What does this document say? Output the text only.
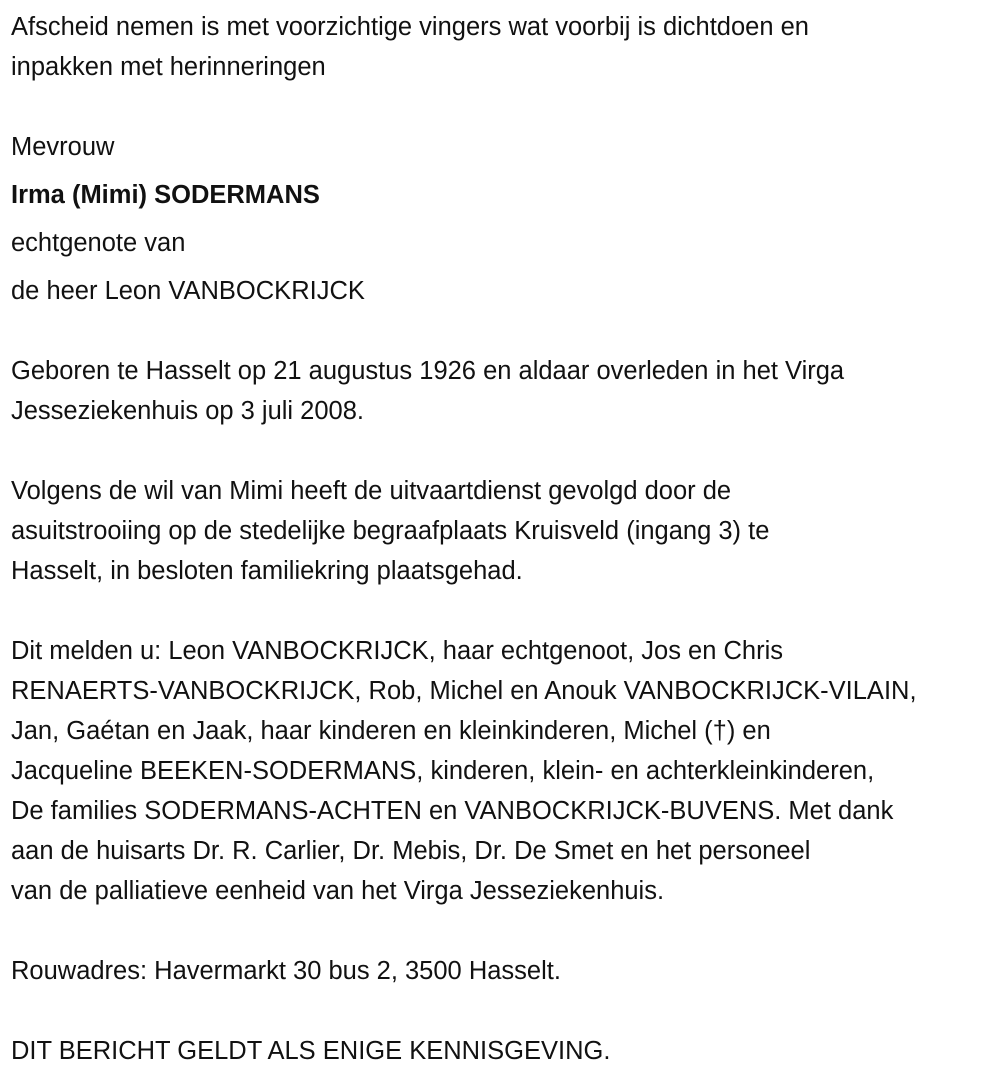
Afscheid nemen is met voorzichtige vingers wat voorbij is dichtdoen en
inpakken met herinneringen
Mevrouw
Irma (Mimi) SODERMANS
echtgenote van
de heer Leon VANBOCKRIJCK
Geboren te Hasselt op 21 augustus 1926 en aldaar overleden in het Virga
Jesseziekenhuis op 3 juli 2008.
Volgens de wil van Mimi heeft de uitvaartdienst gevolgd door de
asuitstrooiing op de stedelijke begraafplaats Kruisveld (ingang 3) te
Hasselt, in besloten familiekring plaatsgehad.
Dit melden u: Leon VANBOCKRIJCK, haar echtgenoot, Jos en Chris
RENAERTS-VANBOCKRIJCK, Rob, Michel en Anouk VANBOCKRIJCK-VILAIN,
Jan, Gaétan en Jaak, haar kinderen en kleinkinderen, Michel (†) en
Jacqueline BEEKEN-SODERMANS, kinderen, klein- en achterkleinkinderen,
De families SODERMANS-ACHTEN en VANBOCKRIJCK-BUVENS. Met dank
aan de huisarts Dr. R. Carlier, Dr. Mebis, Dr. De Smet en het personeel
van de palliatieve eenheid van het Virga Jesseziekenhuis.
Rouwadres: Havermarkt 30 bus 2, 3500 Hasselt.
DIT BERICHT GELDT ALS ENIGE KENNISGEVING.
